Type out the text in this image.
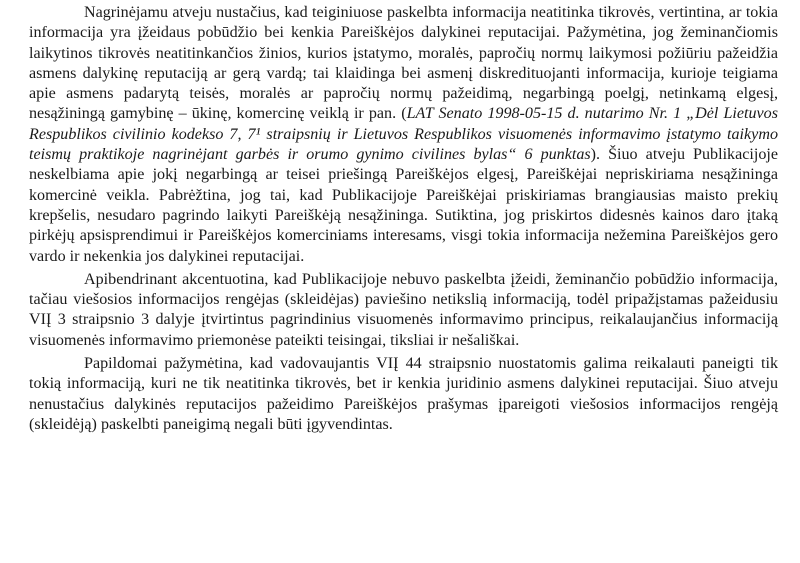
Nagrinėjamu atveju nustačius, kad teiginiuose paskelbta informacija neatitinka tikrovės, vertintina, ar tokia informacija yra įžeidaus pobūdžio bei kenkia Pareiškėjos dalykinei reputacijai. Pažymėtina, jog žeminančiomis laikytinos tikrovės neatitinkančios žinios, kurios įstatymo, moralės, papročių normų laikymosi požiūriu pažeidžia asmens dalykinę reputaciją ar gerą vardą; tai klaidinga bei asmenį diskredituojanti informacija, kurioje teigiama apie asmens padarytą teisės, moralės ar papročių normų pažeidimą, negarbingą poelgį, netinkamą elgesį, nesąžiningą gamybinę – ūkinę, komercinę veiklą ir pan. (LAT Senato 1998-05-15 d. nutarimo Nr. 1 „Dėl Lietuvos Respublikos civilinio kodekso 7, 7¹ straipsnių ir Lietuvos Respublikos visuomenės informavimo įstatymo taikymo teismų praktikoje nagrinėjant garbės ir orumo gynimo civilines bylas“ 6 punktas). Šiuo atveju Publikacijoje neskelbiama apie jokį negarbingą ar teisei priešingą Pareiškėjos elgesį, Pareiškėjai nepriskiriama nesąžininga komercinė veikla. Pabrėžtina, jog tai, kad Publikacijoje Pareiškėjai priskiriamas brangiausias maisto prekių krepšelis, nesudaro pagrindo laikyti Pareiškėją nesąžininga. Sutiktina, jog priskirtos didesnės kainos daro įtaką pirkėjų apsisprendimui ir Pareiškėjos komerciniams interesams, visgi tokia informacija nežemina Pareiškėjos gero vardo ir nekenkia jos dalykinei reputacijai.

Apibendrinant akcentuotina, kad Publikacijoje nebuvo paskelbta įžeidi, žeminančio pobūdžio informacija, tačiau viešosios informacijos rengėjas (skleidėjas) paviešino netikslią informaciją, todėl pripažįstamas pažeidusiu VIĮ 3 straipsnio 3 dalyje įtvirtintus pagrindinius visuomenės informavimo principus, reikalaujančius informaciją visuomenės informavimo priemonėse pateikti teisingai, tiksliai ir nešališkai.

Papildomai pažymėtina, kad vadovaujantis VIĮ 44 straipsnio nuostatomis galima reikalauti paneigti tik tokią informaciją, kuri ne tik neatitinka tikrovės, bet ir kenkia juridinio asmens dalykinei reputacijai. Šiuo atveju nenustačius dalykinės reputacijos pažeidimo Pareiškėjos prašymas įpareigoti viešosios informacijos rengėją (skleidėją) paskelbti paneigimą negali būti įgyvendintas.
